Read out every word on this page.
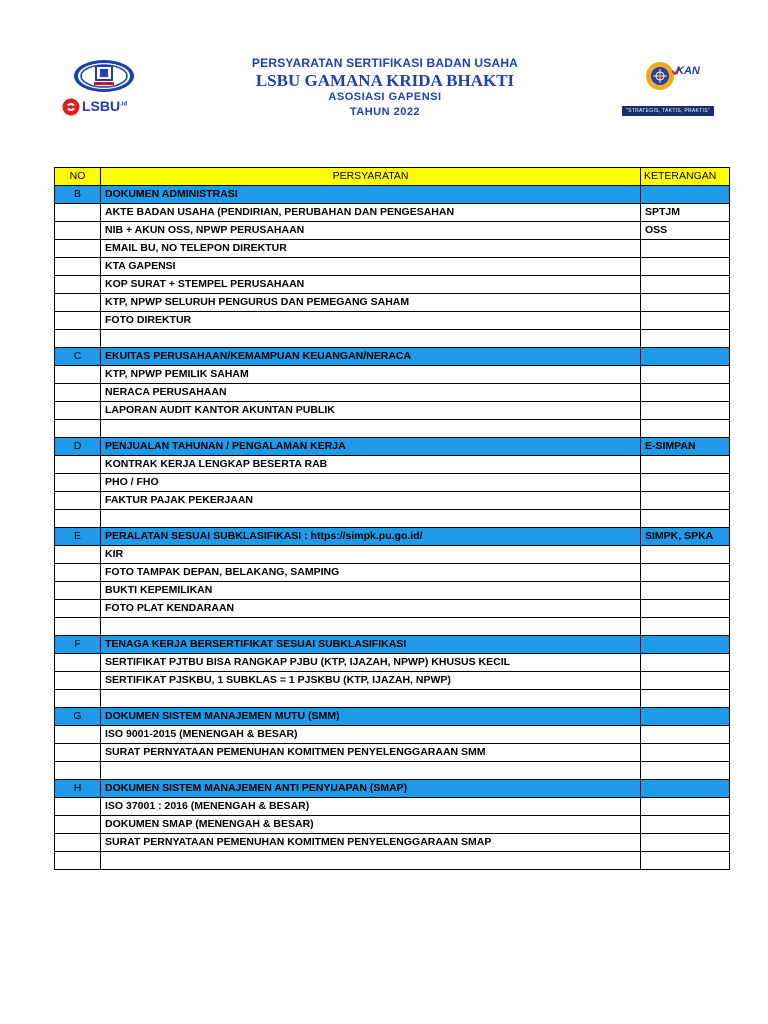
$LSBU^{.id}$
PERSYARATAN SERTIFIKASI BADAN USAHA
LSBU GAMANA KRIDA BHAKTI
ASOSIASI GAPENSI
TAHUN 2022
KAN
"STRATEGIS, TAKTIS, PRAKTIS"
NO	PERSYARATAN	KETERANGAN
B	DOKUMEN ADMINISTRASI	
	AKTE BADAN USAHA (PENDIRIAN, PERUBAHAN DAN PENGESAHAN	SPTJM
	NIB + AKUN OSS, NPWP PERUSAHAAN	OSS
	EMAIL BU, NO TELEPON DIREKTUR	
	KTA GAPENSI	
	KOP SURAT + STEMPEL PERUSAHAAN	
	KTP, NPWP SELURUH PENGURUS DAN PEMEGANG SAHAM	
	FOTO DIREKTUR	

C	EKUITAS PERUSAHAAN/KEMAMPUAN KEUANGAN/NERACA	
	KTP, NPWP PEMILIK SAHAM	
	NERACA PERUSAHAAN	
	LAPORAN AUDIT KANTOR AKUNTAN PUBLIK	

D	PENJUALAN TAHUNAN / PENGALAMAN KERJA	E-SIMPAN
	KONTRAK KERJA LENGKAP BESERTA RAB	
	PHO / FHO	
	FAKTUR PAJAK PEKERJAAN	

E	PERALATAN SESUAI SUBKLASIFIKASI : https://simpk.pu.go.id/	SIMPK, SPKA
	KIR	
	FOTO TAMPAK DEPAN, BELAKANG, SAMPING	
	BUKTI KEPEMILIKAN	
	FOTO PLAT KENDARAAN	

F	TENAGA KERJA BERSERTIFIKAT SESUAI SUBKLASIFIKASI	
	SERTIFIKAT PJTBU BISA RANGKAP PJBU (KTP, IJAZAH, NPWP) KHUSUS KECIL	
	SERTIFIKAT PJSKBU, 1 SUBKLAS = 1 PJSKBU (KTP, IJAZAH, NPWP)	

G	DOKUMEN SISTEM MANAJEMEN MUTU (SMM)	
	ISO 9001-2015 (MENENGAH & BESAR)	
	SURAT PERNYATAAN PEMENUHAN KOMITMEN PENYELENGGARAAN SMM	

H	DOKUMEN SISTEM MANAJEMEN ANTI PENYUAPAN (SMAP)	
	ISO 37001 : 2016 (MENENGAH & BESAR)	
	DOKUMEN SMAP (MENENGAH & BESAR)	
	SURAT PERNYATAAN PEMENUHAN KOMITMEN PENYELENGGARAAN SMAP	
